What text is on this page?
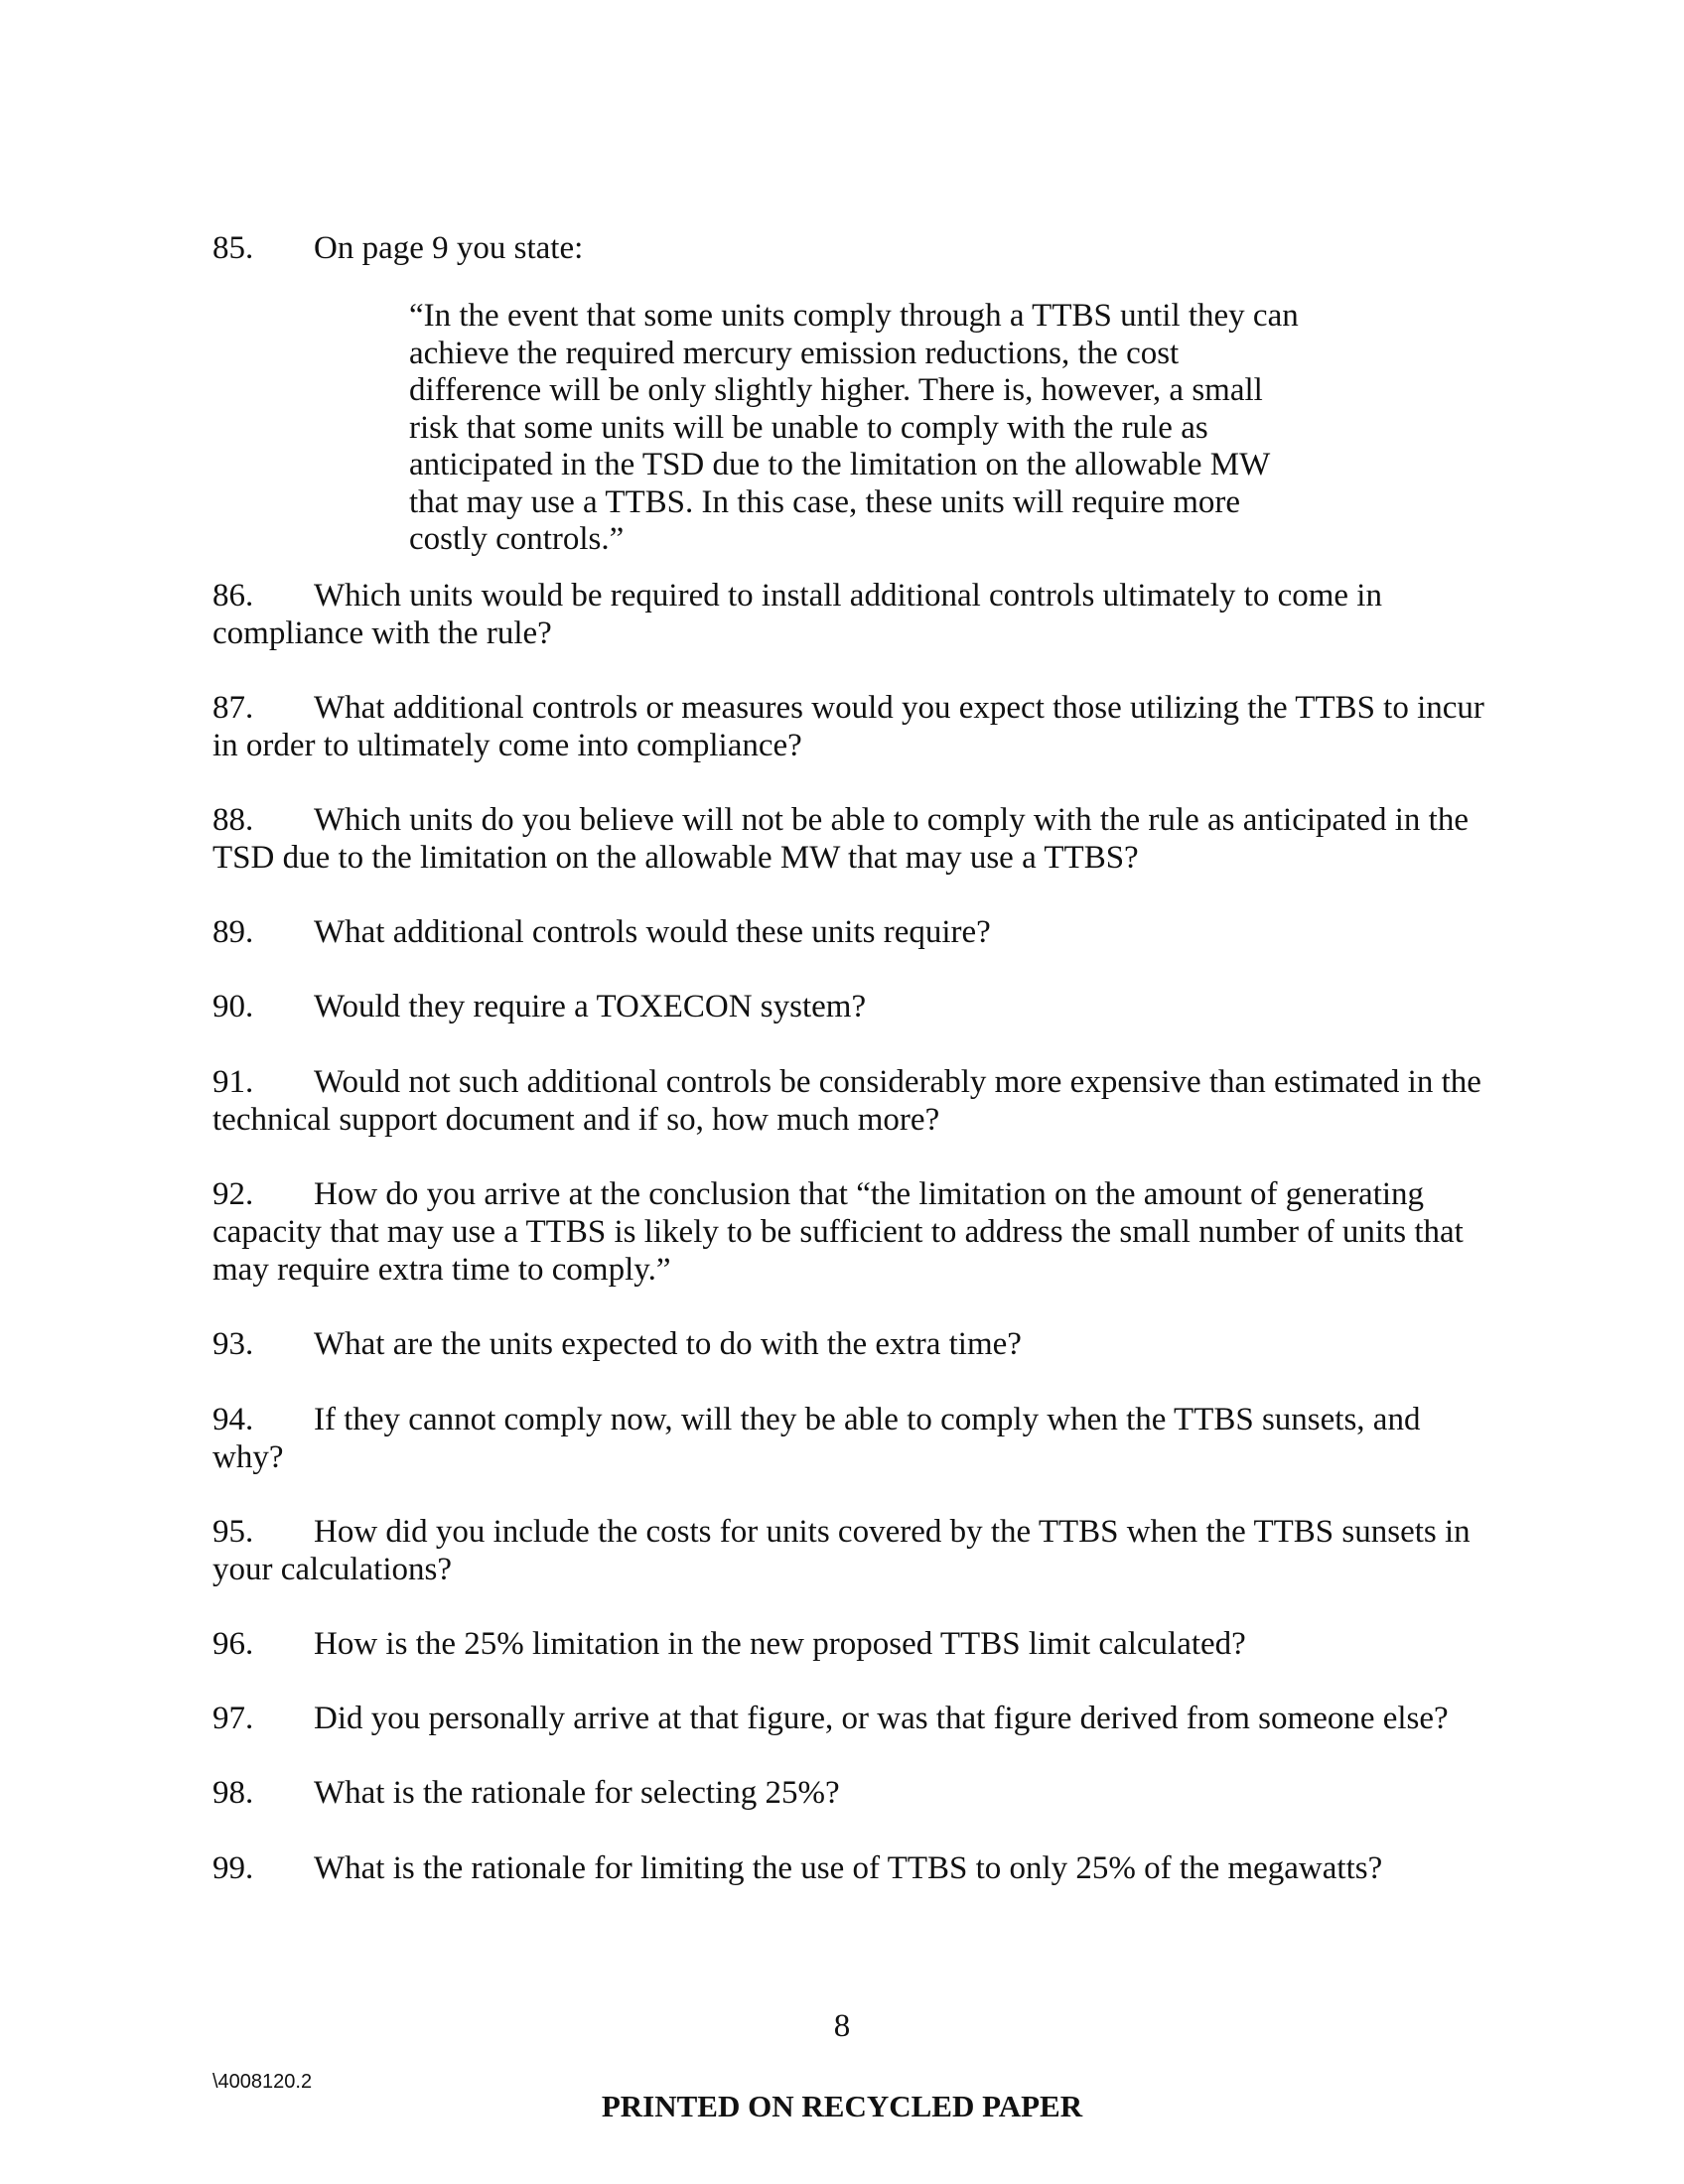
85. On page 9 you state:

“In the event that some units comply through a TTBS until they can achieve the required mercury emission reductions, the cost difference will be only slightly higher. There is, however, a small risk that some units will be unable to comply with the rule as anticipated in the TSD due to the limitation on the allowable MW that may use a TTBS. In this case, these units will require more costly controls.”

86. Which units would be required to install additional controls ultimately to come in compliance with the rule?

87. What additional controls or measures would you expect those utilizing the TTBS to incur in order to ultimately come into compliance?

88. Which units do you believe will not be able to comply with the rule as anticipated in the TSD due to the limitation on the allowable MW that may use a TTBS?

89. What additional controls would these units require?

90. Would they require a TOXECON system?

91. Would not such additional controls be considerably more expensive than estimated in the technical support document and if so, how much more?

92. How do you arrive at the conclusion that “the limitation on the amount of generating capacity that may use a TTBS is likely to be sufficient to address the small number of units that may require extra time to comply.”

93. What are the units expected to do with the extra time?

94. If they cannot comply now, will they be able to comply when the TTBS sunsets, and why?

95. How did you include the costs for units covered by the TTBS when the TTBS sunsets in your calculations?

96. How is the 25% limitation in the new proposed TTBS limit calculated?

97. Did you personally arrive at that figure, or was that figure derived from someone else?

98. What is the rationale for selecting 25%?

99. What is the rationale for limiting the use of TTBS to only 25% of the megawatts?

8
\4008120.2
PRINTED ON RECYCLED PAPER
